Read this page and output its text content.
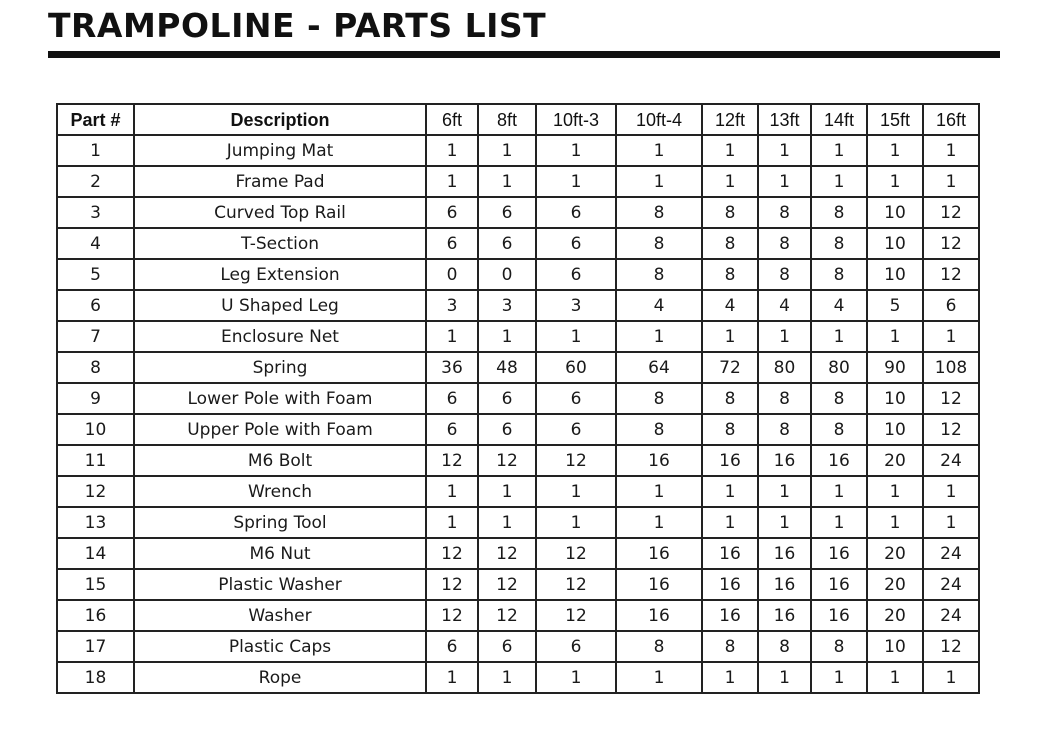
TRAMPOLINE - PARTS LIST
Part #	Description	6ft	8ft	10ft-3	10ft-4	12ft	13ft	14ft	15ft	16ft
1	Jumping Mat	1	1	1	1	1	1	1	1	1
2	Frame Pad	1	1	1	1	1	1	1	1	1
3	Curved Top Rail	6	6	6	8	8	8	8	10	12
4	T-Section	6	6	6	8	8	8	8	10	12
5	Leg Extension	0	0	6	8	8	8	8	10	12
6	U Shaped Leg	3	3	3	4	4	4	4	5	6
7	Enclosure Net	1	1	1	1	1	1	1	1	1
8	Spring	36	48	60	64	72	80	80	90	108
9	Lower Pole with Foam	6	6	6	8	8	8	8	10	12
10	Upper Pole with Foam	6	6	6	8	8	8	8	10	12
11	M6 Bolt	12	12	12	16	16	16	16	20	24
12	Wrench	1	1	1	1	1	1	1	1	1
13	Spring Tool	1	1	1	1	1	1	1	1	1
14	M6 Nut	12	12	12	16	16	16	16	20	24
15	Plastic Washer	12	12	12	16	16	16	16	20	24
16	Washer	12	12	12	16	16	16	16	20	24
17	Plastic Caps	6	6	6	8	8	8	8	10	12
18	Rope	1	1	1	1	1	1	1	1	1
